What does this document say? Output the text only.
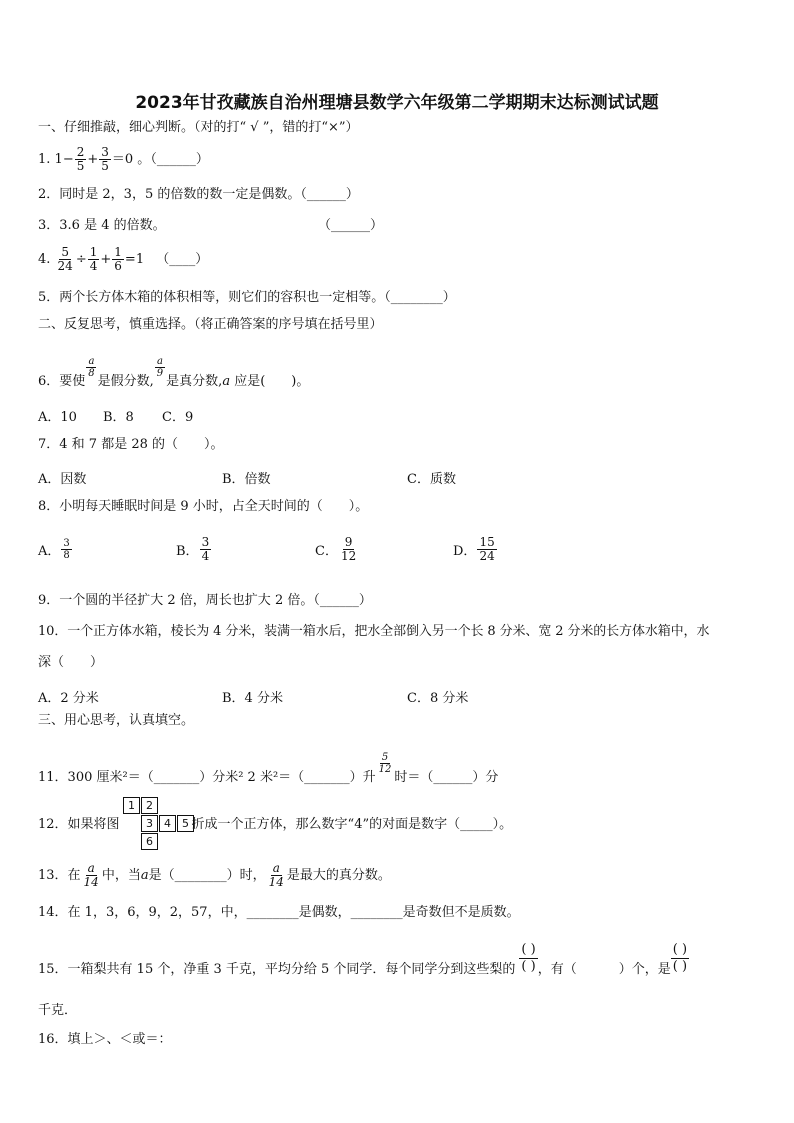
2023年甘孜藏族自治州理塘县数学六年级第二学期期末达标测试试题
一、仔细推敲，细心判断。（对的打“ √ ”，错的打“×”）
1. $1- \frac{2}{5} + \frac{3}{5} =0$ 。（______）
2．同时是 2，3，5 的倍数的数一定是偶数。（______）
3．3.6 是 4 的倍数。	（______）
4. $\frac{5}{24} \div \frac{1}{4} + \frac{1}{6} =1$ （____）
5．两个长方体木箱的体积相等，则它们的容积也一定相等。（________）
二、反复思考，慎重选择。（将正确答案的序号填在括号里）
6．要使
$\frac{a}{8}$
是假分数,
$\frac{a}{9}$
是真分数,a 应是(　　)。
A．10 B．8 C．9
7．4 和 7 都是 28 的（　　）。
A．因数	B．倍数	C．质数
8．小明每天睡眠时间是 9 小时，占全天时间的（　　）。
A． $\frac{3}{8}$	B． $\frac{3}{4}$	C． $\frac{9}{12}$	D． $\frac{15}{24}$
9．一个圆的半径扩大 2 倍，周长也扩大 2 倍。（______）
10．一个正方体水箱，棱长为 4 分米，装满一箱水后，把水全部倒入另一个长 8 分米、宽 2 分米的长方体水箱中，水
深（　　）
A．2 分米	B．4 分米	C．8 分米
三、用心思考，认真填空。
11．300 厘米²＝（_______）分米² 2 米²＝（_______）升
$\frac{5}{12}$
时＝（______）分
12．如果将图	折成一个正方体，那么数字“4”的对面是数字（_____）。
1	2
3	4	5
6
13．在 $\frac{a}{14}$ 中，当a是（________）时， $\frac{a}{14}$ 是最大的真分数。
14．在 1，3，6，9，2，57，中，________是偶数，________是奇数但不是质数。
15．一箱梨共有 15 个，净重 3 千克，平均分给 5 个同学．每个同学分到这些梨的 $\frac{( )}{( )}$ ，有（	）个，是 $\frac{( )}{( )}$
千克．
16．填上＞、＜或＝：
